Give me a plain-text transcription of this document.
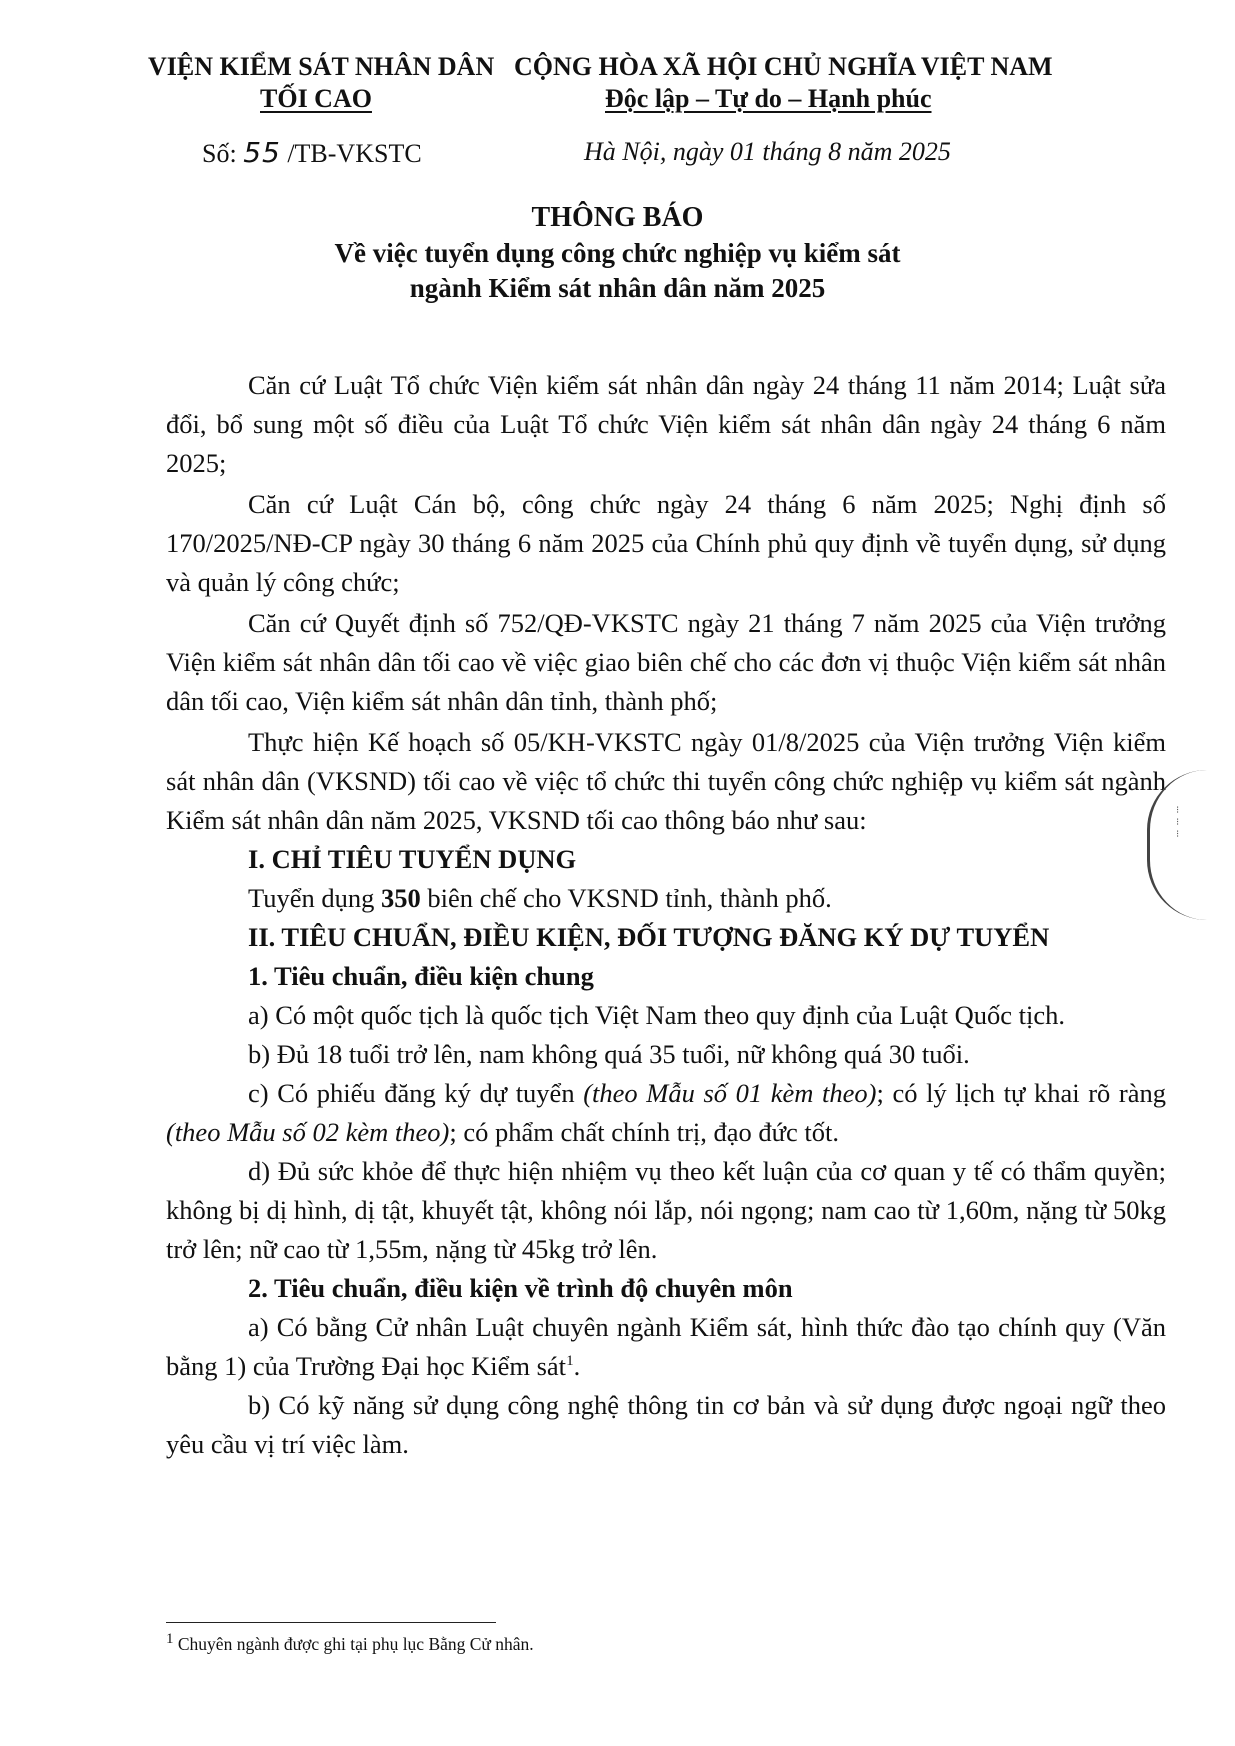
VIỆN KIỂM SÁT NHÂN DÂN
TỐI CAO
CỘNG HÒA XÃ HỘI CHỦ NGHĨA VIỆT NAM
Độc lập – Tự do – Hạnh phúc
Số: 55 /TB-VKSTC	Hà Nội, ngày 01 tháng 8 năm 2025
THÔNG BÁO
Về việc tuyển dụng công chức nghiệp vụ kiểm sát
ngành Kiểm sát nhân dân năm 2025

Căn cứ Luật Tổ chức Viện kiểm sát nhân dân ngày 24 tháng 11 năm 2014; Luật sửa đổi, bổ sung một số điều của Luật Tổ chức Viện kiểm sát nhân dân ngày 24 tháng 6 năm 2025;

Căn cứ Luật Cán bộ, công chức ngày 24 tháng 6 năm 2025; Nghị định số 170/2025/NĐ-CP ngày 30 tháng 6 năm 2025 của Chính phủ quy định về tuyển dụng, sử dụng và quản lý công chức;

Căn cứ Quyết định số 752/QĐ-VKSTC ngày 21 tháng 7 năm 2025 của Viện trưởng Viện kiểm sát nhân dân tối cao về việc giao biên chế cho các đơn vị thuộc Viện kiểm sát nhân dân tối cao, Viện kiểm sát nhân dân tỉnh, thành phố;

Thực hiện Kế hoạch số 05/KH-VKSTC ngày 01/8/2025 của Viện trưởng Viện kiểm sát nhân dân (VKSND) tối cao về việc tổ chức thi tuyển công chức nghiệp vụ kiểm sát ngành Kiểm sát nhân dân năm 2025, VKSND tối cao thông báo như sau:

I. CHỈ TIÊU TUYỂN DỤNG

Tuyển dụng 350 biên chế cho VKSND tỉnh, thành phố.

II. TIÊU CHUẨN, ĐIỀU KIỆN, ĐỐI TƯỢNG ĐĂNG KÝ DỰ TUYỂN

1. Tiêu chuẩn, điều kiện chung

a) Có một quốc tịch là quốc tịch Việt Nam theo quy định của Luật Quốc tịch.

b) Đủ 18 tuổi trở lên, nam không quá 35 tuổi, nữ không quá 30 tuổi.

c) Có phiếu đăng ký dự tuyển (theo Mẫu số 01 kèm theo); có lý lịch tự khai rõ ràng (theo Mẫu số 02 kèm theo); có phẩm chất chính trị, đạo đức tốt.

d) Đủ sức khỏe để thực hiện nhiệm vụ theo kết luận của cơ quan y tế có thẩm quyền; không bị dị hình, dị tật, khuyết tật, không nói lắp, nói ngọng; nam cao từ 1,60m, nặng từ 50kg trở lên; nữ cao từ 1,55m, nặng từ 45kg trở lên.

2. Tiêu chuẩn, điều kiện về trình độ chuyên môn

a) Có bằng Cử nhân Luật chuyên ngành Kiểm sát, hình thức đào tạo chính quy (Văn bằng 1) của Trường Đại học Kiểm sát$^1$.

b) Có kỹ năng sử dụng công nghệ thông tin cơ bản và sử dụng được ngoại ngữ theo yêu cầu vị trí việc làm.

⁝
⁝
⁝
$^1$ Chuyên ngành được ghi tại phụ lục Bằng Cử nhân.
